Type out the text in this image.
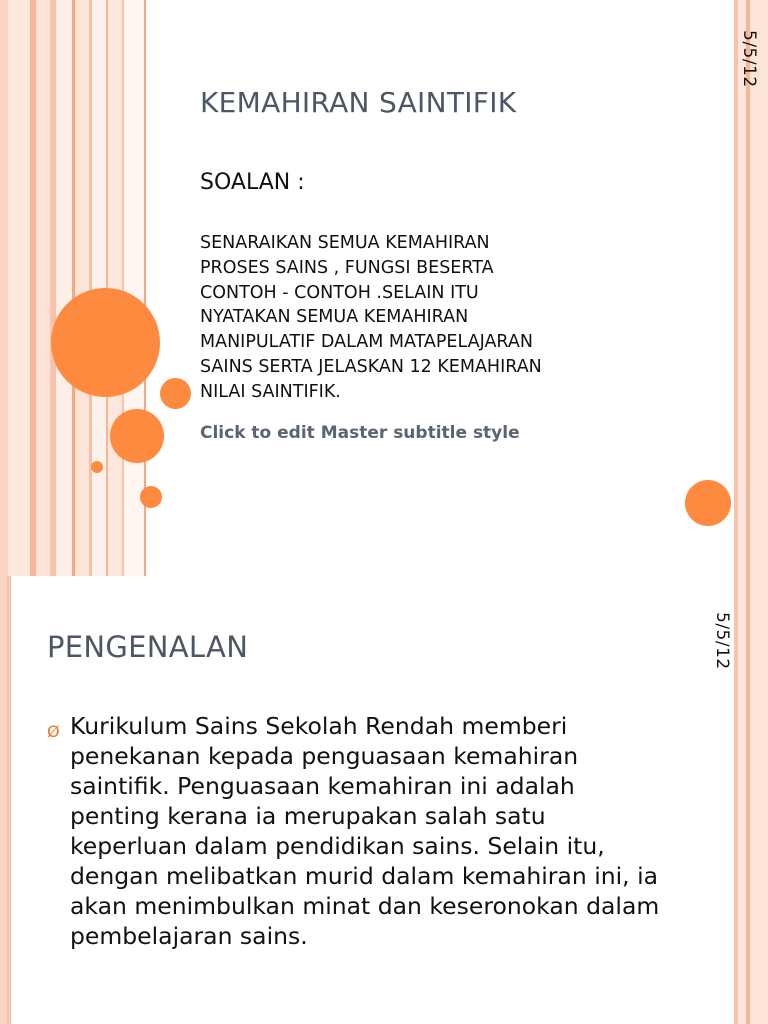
5/5/12
KEMAHIRAN SAINTIFIK
SOALAN :
SENARAIKAN SEMUA KEMAHIRAN
PROSES SAINS , FUNGSI BESERTA
CONTOH - CONTOH .SELAIN ITU
NYATAKAN SEMUA KEMAHIRAN
MANIPULATIF DALAM MATAPELAJARAN
SAINS SERTA JELASKAN 12 KEMAHIRAN
NILAI SAINTIFIK.
Click to edit Master subtitle style
5/5/12
PENGENALAN
Ø Kurikulum Sains Sekolah Rendah memberi penekanan kepada penguasaan kemahiran saintifik. Penguasaan kemahiran ini adalah penting kerana ia merupakan salah satu keperluan dalam pendidikan sains. Selain itu, dengan melibatkan murid dalam kemahiran ini, ia akan menimbulkan minat dan keseronokan dalam pembelajaran sains.
